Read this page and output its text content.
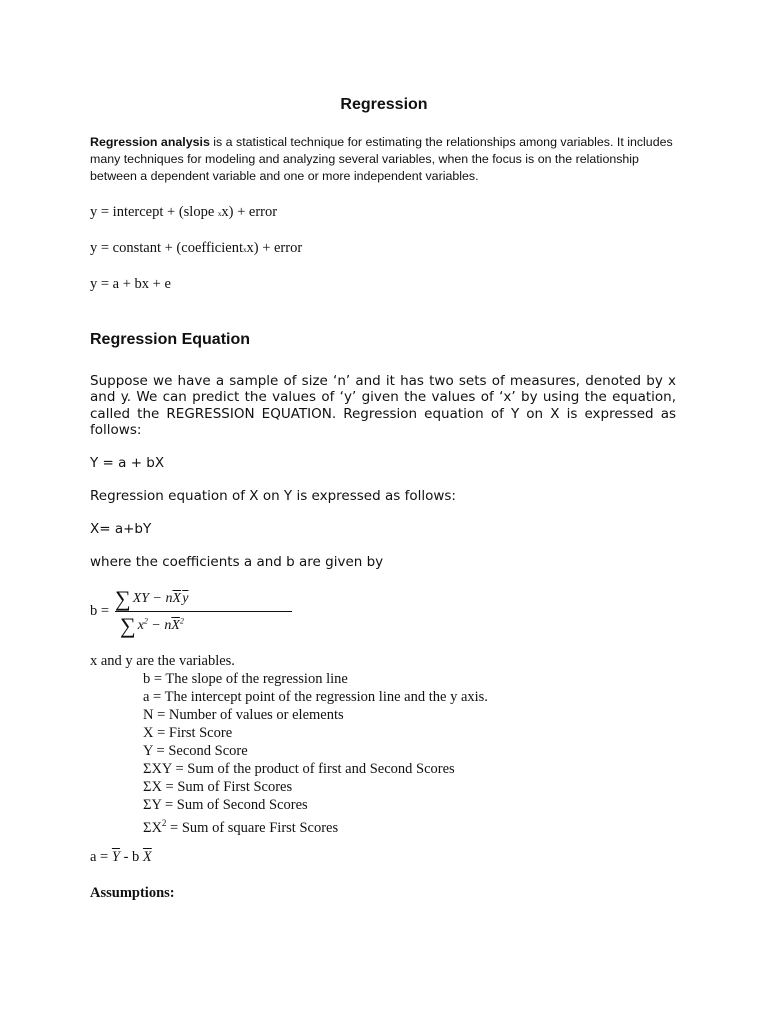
Regression
Regression analysis is a statistical technique for estimating the relationships among variables. It includes many techniques for modeling and analyzing several variables, when the focus is on the relationship between a dependent variable and one or more independent variables.
y = intercept + (slope xx) + error
y = constant + (coefficientxx) + error
y = a + bx + e
Regression Equation
Suppose we have a sample of size ‘n’ and it has two sets of measures, denoted by x and y. We can predict the values of ‘y’ given the values of ‘x’ by using the equation, called the REGRESSION EQUATION. Regression equation of Y on X is expressed as follows:
Y = a + bX
Regression equation of X on Y is expressed as follows:
X= a+bY
where the coefficients a and b are given by
b = ∑ XY − $n\overline{X}$ $\overline{y}$
∑ $x^2 - n\overline{X}^2$
x and y are the variables.
b = The slope of the regression line
a = The intercept point of the regression line and the y axis.
N = Number of values or elements
X = First Score
Y = Second Score
ΣXY = Sum of the product of first and Second Scores
ΣX = Sum of First Scores
ΣY = Sum of Second Scores
$\Sigma X^2$ = Sum of square First Scores
$a = \overline{Y} - b$ $\overline{X}$
Assumptions:
